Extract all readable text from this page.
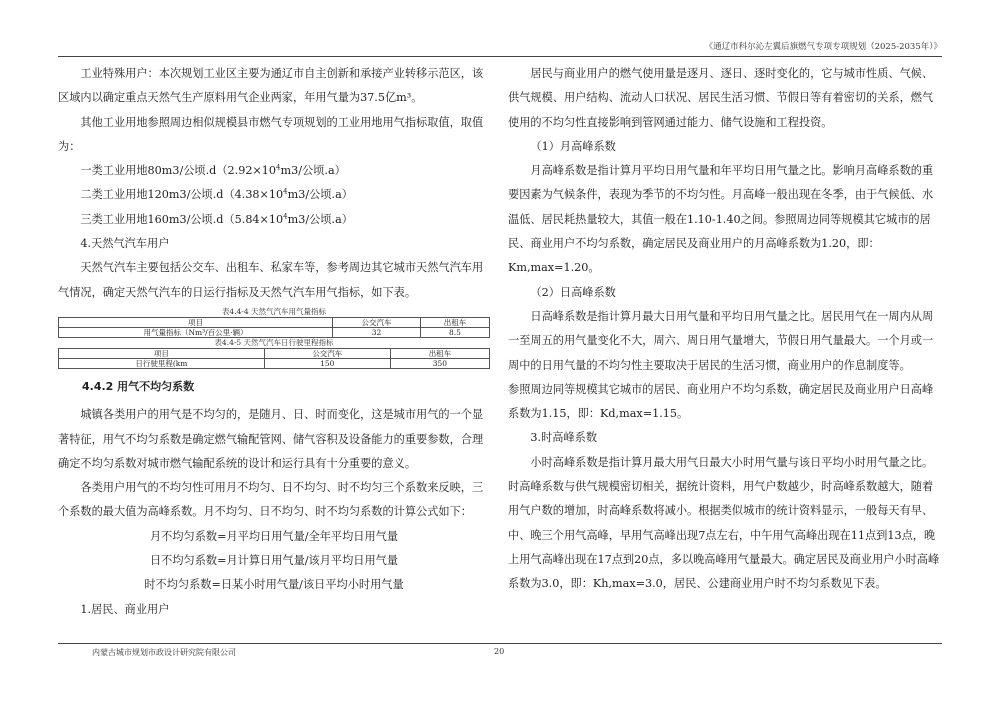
《通辽市科尔沁左翼后旗燃气专项专项规划（2025-2035年）》

工业特殊用户：本次规划工业区主要为通辽市自主创新和承接产业转移示范区，该区域内以确定重点天然气生产原料用气企业两家，年用气量为37.5亿m³。

其他工业用地参照周边相似规模县市燃气专项规划的工业用地用气指标取值，取值为：

一类工业用地80m3/公顷$.d(2.92\times 10^4m3/$公顷.a）

二类工业用地120m3/公顷$.d(4.38\times 10^4m3/$公顷.a）

三类工业用地160m3/公顷$.d(5.84\times 10^4m3/$公顷.a）

4.天然气汽车用户

天然气汽车主要包括公交车、出租车、私家车等，参考周边其它城市天然气汽车用气情况，确定天然气汽车的日运行指标及天然气汽车用气指标，如下表。

表4.4-4 天然气汽车用气量指标
项目	公交汽车	出租车
用气量指标（Nm³/百公里·辆）	32	8.5
表4.4-5 天然气汽车日行驶里程指标
项目	公交汽车	出租车
日行驶里程(km	150	350

4.4.2 用气不均匀系数

城镇各类用户的用气是不均匀的，是随月、日、时而变化，这是城市用气的一个显著特征，用气不均匀系数是确定燃气输配管网、储气容积及设备能力的重要参数，合理确定不均匀系数对城市燃气输配系统的设计和运行具有十分重要的意义。

各类用户用气的不均匀性可用月不均匀、日不均匀、时不均匀三个系数来反映，三个系数的最大值为高峰系数。月不均匀、日不均匀、时不均匀系数的计算公式如下：

月不均匀系数=月平均日用气量/全年平均日用气量

日不均匀系数=月计算日用气量/该月平均日用气量

时不均匀系数=日某小时用气量/该日平均小时用气量

1.居民、商业用户

居民与商业用户的燃气使用量是逐月、逐日、逐时变化的，它与城市性质、气候、供气规模、用户结构、流动人口状况、居民生活习惯、节假日等有着密切的关系，燃气使用的不均匀性直接影响到管网通过能力、储气设施和工程投资。

（1）月高峰系数

月高峰系数是指计算月平均日用气量和年平均日用气量之比。影响月高峰系数的重要因素为气候条件，表现为季节的不均匀性。月高峰一般出现在冬季，由于气候低、水温低、居民耗热量较大，其值一般在1.10-1.40之间。参照周边同等规模其它城市的居民、商业用户不均匀系数，确定居民及商业用户的月高峰系数为1.20，即：Km,max=1.20。

（2）日高峰系数

日高峰系数是指计算月最大日用气量和平均日用气量之比。居民用气在一周内从周一至周五的用气量变化不大，周六、周日用气量增大，节假日用气量最大。一个月或一周中的日用气量的不均匀性主要取决于居民的生活习惯，商业用户的作息制度等。

参照周边同等规模其它城市的居民、商业用户不均匀系数，确定居民及商业用户日高峰系数为1.15，即：Kd,max=1.15。

3.时高峰系数

小时高峰系数是指计算月最大用气日最大小时用气量与该日平均小时用气量之比。时高峰系数与供气规模密切相关，据统计资料，用气户数越少，时高峰系数越大，随着用气户数的增加，时高峰系数将减小。根据类似城市的统计资料显示，一般每天有早、中、晚三个用气高峰，早用气高峰出现7点左右，中午用气高峰出现在11点到13点，晚上用气高峰出现在17点到20点，多以晚高峰用气量最大。确定居民及商业用户小时高峰系数为3.0，即：Kh,max=3.0，居民、公建商业用户时不均匀系数见下表。

内蒙古城市规划市政设计研究院有限公司	20
